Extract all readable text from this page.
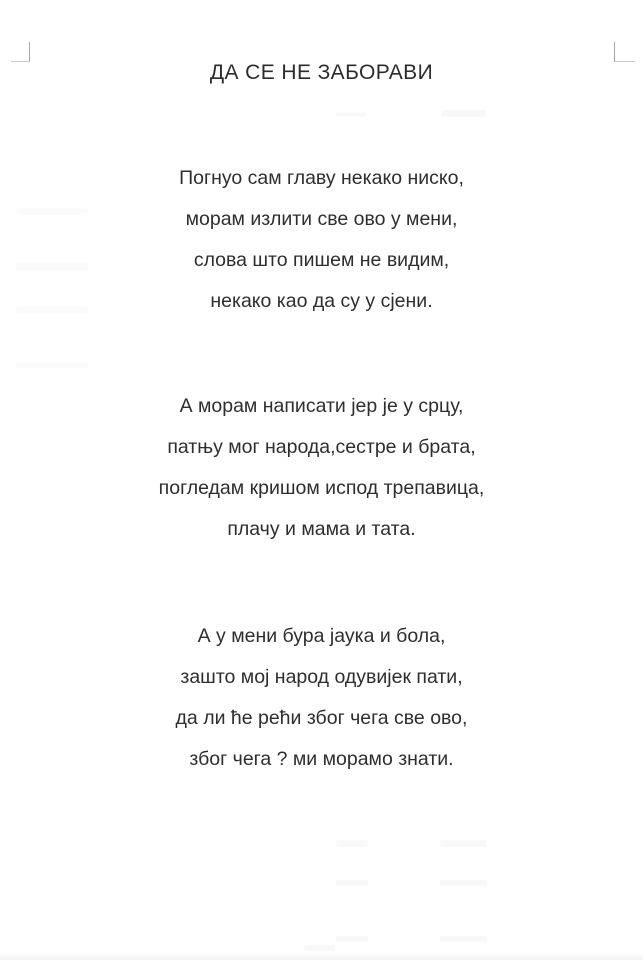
ДА СЕ НЕ ЗАБОРАВИ

Погнуо сам главу некако ниско,

морам излити све ово у мени,

слова што пишем не видим,

некако као да су у сјени.

А морам написати јер је у срцу,

патњу мог народа,сестре и брата,

погледам кришом испод трепавица,

плачу и мама и тата.

А у мени бура јаука и бола,

зашто мој народ одувијек пати,

да ли ће рећи због чега све ово,

због чега ? ми морамо знати.
